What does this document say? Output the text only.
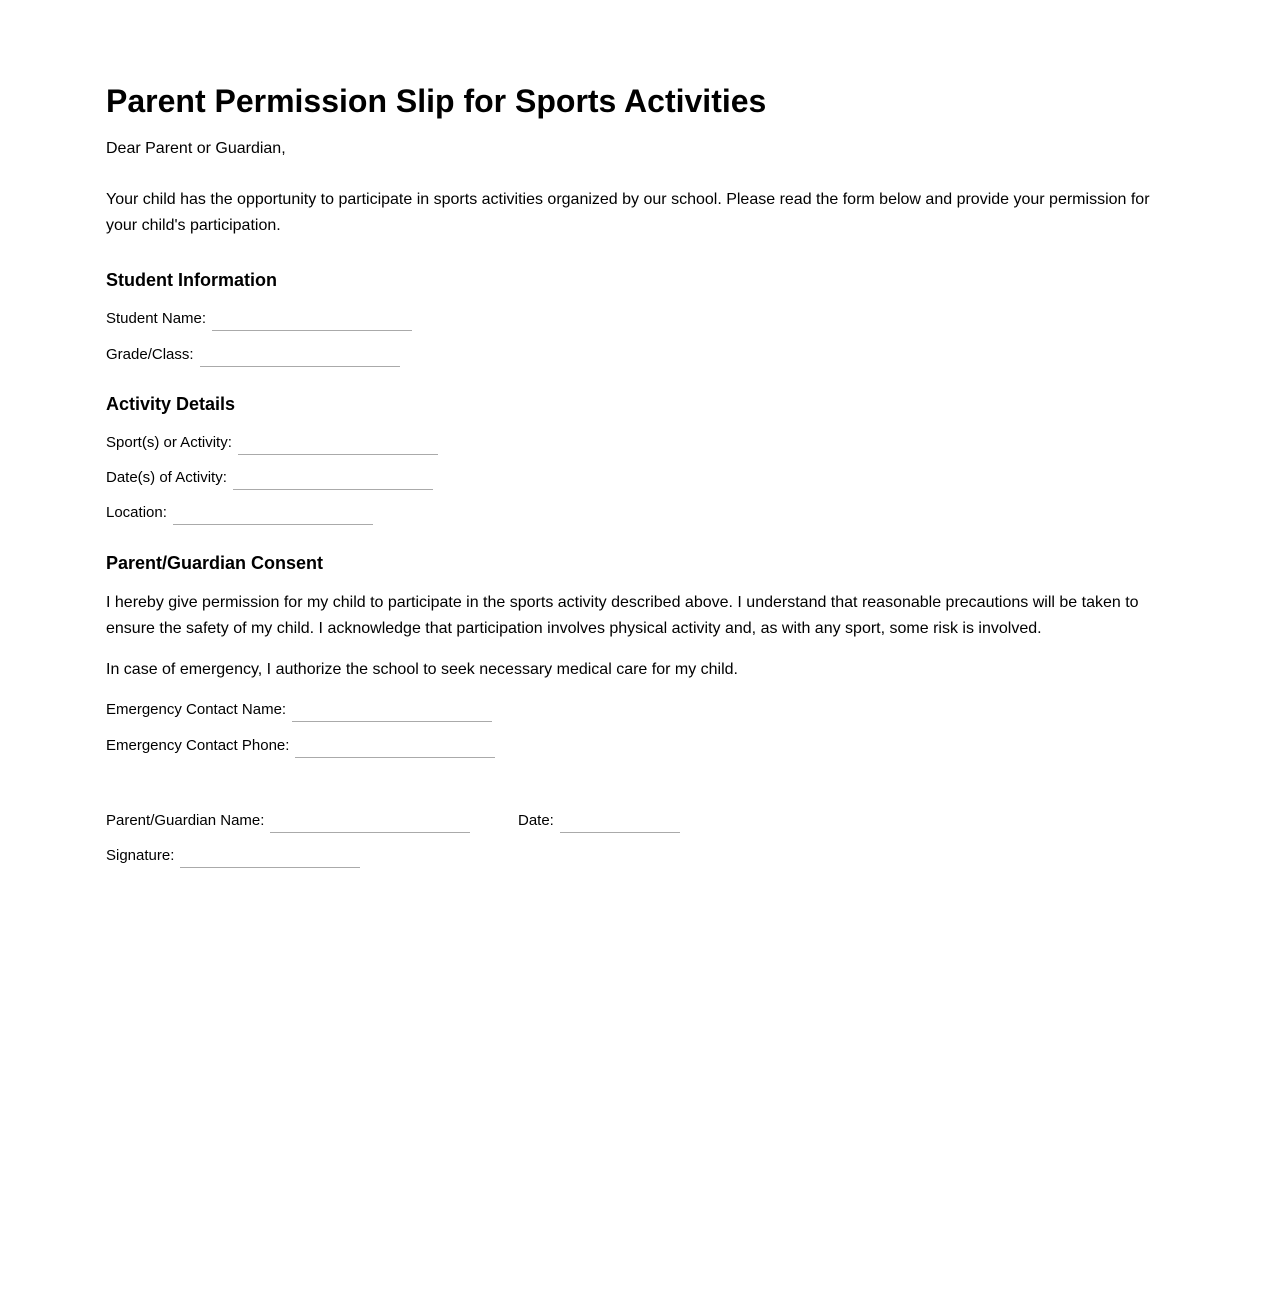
Parent Permission Slip for Sports Activities
Dear Parent or Guardian,
Your child has the opportunity to participate in sports activities organized by our school. Please read the form below and provide your permission for your child's participation.
Student Information
Student Name:
Grade/Class:
Activity Details
Sport(s) or Activity:
Date(s) of Activity:
Location:
Parent/Guardian Consent
I hereby give permission for my child to participate in the sports activity described above. I understand that reasonable precautions will be taken to ensure the safety of my child. I acknowledge that participation involves physical activity and, as with any sport, some risk is involved.
In case of emergency, I authorize the school to seek necessary medical care for my child.
Emergency Contact Name:
Emergency Contact Phone:
Parent/Guardian Name:	Date:
Signature:
